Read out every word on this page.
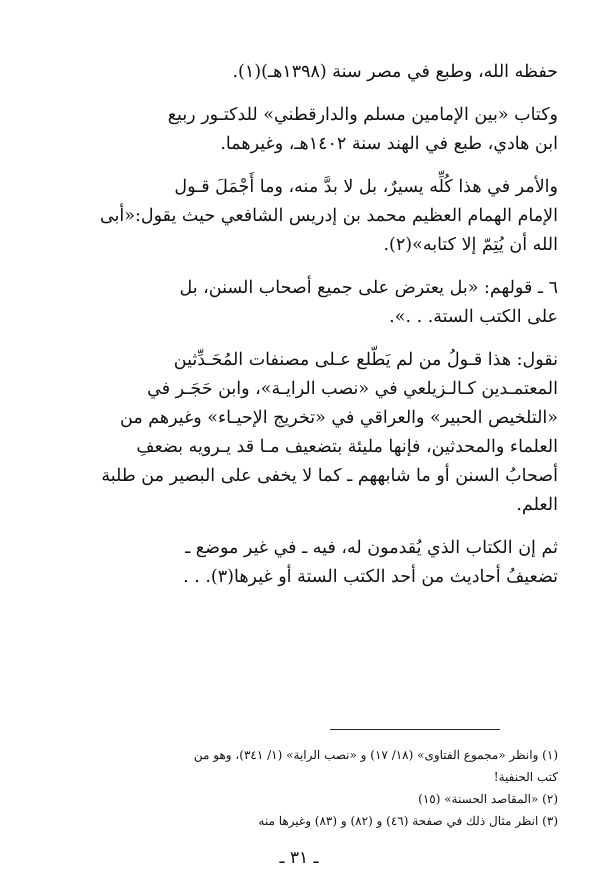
حفظه الله، وطبع في مصر سنة (١٣٩٨هـ)(١).

وكتاب «بين الإمامين مسلم والدارقطني» للدكتـور ربيع
ابن هادي، طبع في الهند سنة ١٤٠٢هـ، وغيرهما.

والأمر في هذا كُلِّه يسيرٌ، بل لا بدَّ منه، وما أَجْمَلَ قـول
الإمام الهمام العظيم محمد بن إدريس الشافعي حيث يقول:«أبى
الله أن يُتِمّ إلا كتابه»(٢).

٦ ـ قولهم: «بل يعترض على جميع أصحاب السنن، بل
على الكتب الستة. . .».

نقول: هذا قـولُ من لم يَطّلع عـلى مصنفات المُحَـدِّثين
المعتمـدين كـالـزيلعي في «نصب الرايـة»، وابن حَجَـر في
«التلخيص الحبير» والعراقي في «تخريج الإحيـاء» وغيرهم من
العلماء والمحدثين، فإنها مليئة بتضعيف مـا قد يـرويه بضعفِ
أصحابُ السنن أو ما شابههم ـ كما لا يخفى على البصير من طلبة
العلم.

ثم إن الكتاب الذي يُقدمون له، فيه ـ في غير موضع ـ
تضعيفُ أحاديث من أحد الكتب الستة أو غيرها(٣). . .

(١) وانظر «مجموع الفتاوى» (١٨/ ١٧) و «نصب الراية» (١/ ٣٤١)، وهو من
كتب الحنفية!
(٢) «المقاصد الحسنة» (١٥)
(٣) انظر مثال ذلك في صفحة (٤٦) و (٨٢) و (٨٣) وغيرها منه
ـ ٣١ ـ
